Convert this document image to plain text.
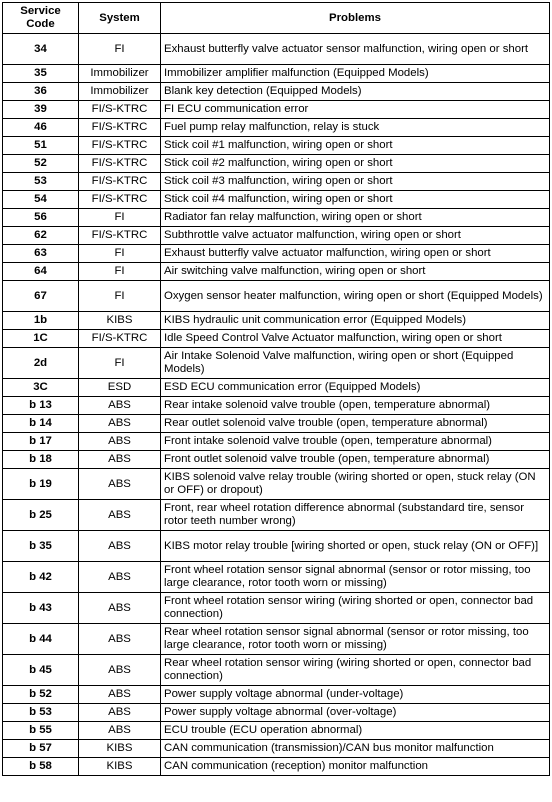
Service Code	System	Problems
34	FI	Exhaust butterfly valve actuator sensor malfunction, wiring open or short
35	Immobilizer	Immobilizer amplifier malfunction (Equipped Models)
36	Immobilizer	Blank key detection (Equipped Models)
39	FI/S-KTRC	FI ECU communication error
46	FI/S-KTRC	Fuel pump relay malfunction, relay is stuck
51	FI/S-KTRC	Stick coil #1 malfunction, wiring open or short
52	FI/S-KTRC	Stick coil #2 malfunction, wiring open or short
53	FI/S-KTRC	Stick coil #3 malfunction, wiring open or short
54	FI/S-KTRC	Stick coil #4 malfunction, wiring open or short
56	FI	Radiator fan relay malfunction, wiring open or short
62	FI/S-KTRC	Subthrottle valve actuator malfunction, wiring open or short
63	FI	Exhaust butterfly valve actuator malfunction, wiring open or short
64	FI	Air switching valve malfunction, wiring open or short
67	FI	Oxygen sensor heater malfunction, wiring open or short (Equipped Models)
1b	KIBS	KIBS hydraulic unit communication error (Equipped Models)
1C	FI/S-KTRC	Idle Speed Control Valve Actuator malfunction, wiring open or short
2d	FI	Air Intake Solenoid Valve malfunction, wiring open or short (Equipped Models)
3C	ESD	ESD ECU communication error (Equipped Models)
b 13	ABS	Rear intake solenoid valve trouble (open, temperature abnormal)
b 14	ABS	Rear outlet solenoid valve trouble (open, temperature abnormal)
b 17	ABS	Front intake solenoid valve trouble (open, temperature abnormal)
b 18	ABS	Front outlet solenoid valve trouble (open, temperature abnormal)
b 19	ABS	KIBS solenoid valve relay trouble (wiring shorted or open, stuck relay (ON or OFF) or dropout)
b 25	ABS	Front, rear wheel rotation difference abnormal (substandard tire, sensor rotor teeth number wrong)
b 35	ABS	KIBS motor relay trouble [wiring shorted or open, stuck relay (ON or OFF)]
b 42	ABS	Front wheel rotation sensor signal abnormal (sensor or rotor missing, too large clearance, rotor tooth worn or missing)
b 43	ABS	Front wheel rotation sensor wiring (wiring shorted or open, connector bad connection)
b 44	ABS	Rear wheel rotation sensor signal abnormal (sensor or rotor missing, too large clearance, rotor tooth worn or missing)
b 45	ABS	Rear wheel rotation sensor wiring (wiring shorted or open, connector bad connection)
b 52	ABS	Power supply voltage abnormal (under-voltage)
b 53	ABS	Power supply voltage abnormal (over-voltage)
b 55	ABS	ECU trouble (ECU operation abnormal)
b 57	KIBS	CAN communication (transmission)/CAN bus monitor malfunction
b 58	KIBS	CAN communication (reception) monitor malfunction
